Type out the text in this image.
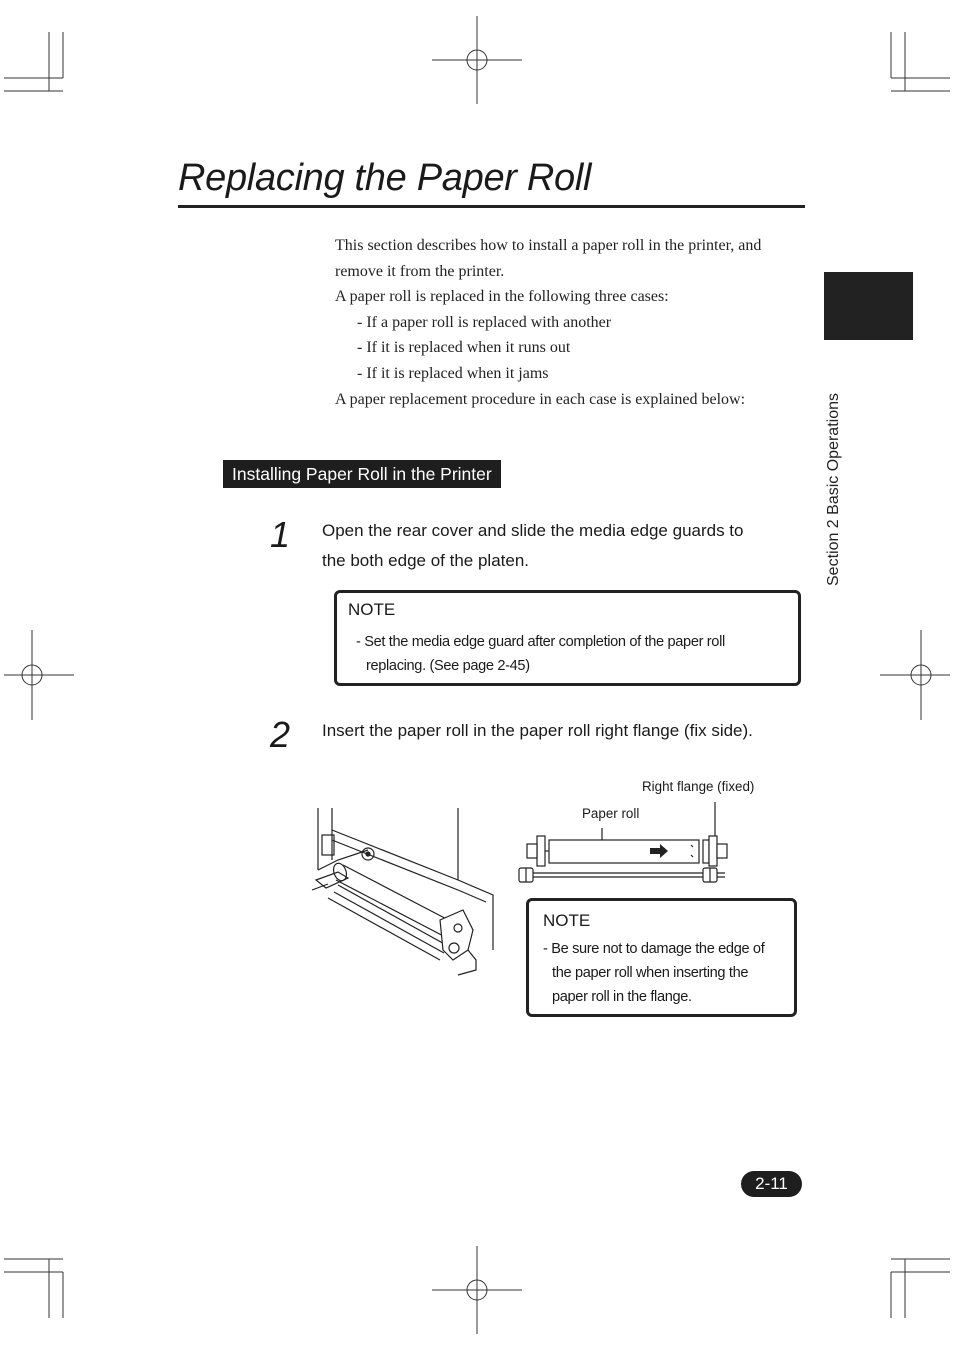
Replacing the Paper Roll
Section 2 Basic Operations

This section describes how to install a paper roll in the printer, and

remove it from the printer.

A paper roll is replaced in the following three cases:

- If a paper roll is replaced with another

- If it is replaced when it runs out

- If it is replaced when it jams

A paper replacement procedure in each case is explained below:

Installing Paper Roll in the Printer
1 Open the rear cover and slide the media edge guards to
the both edge of the platen.
NOTE
- Set the media edge guard after completion of the paper roll
replacing. (See page 2-45)
2 Insert the paper roll in the paper roll right flange (fix side).
Right flange (fixed)
Paper roll
NOTE
- Be sure not to damage the edge of
the paper roll when inserting the
paper roll in the flange.
2-11
